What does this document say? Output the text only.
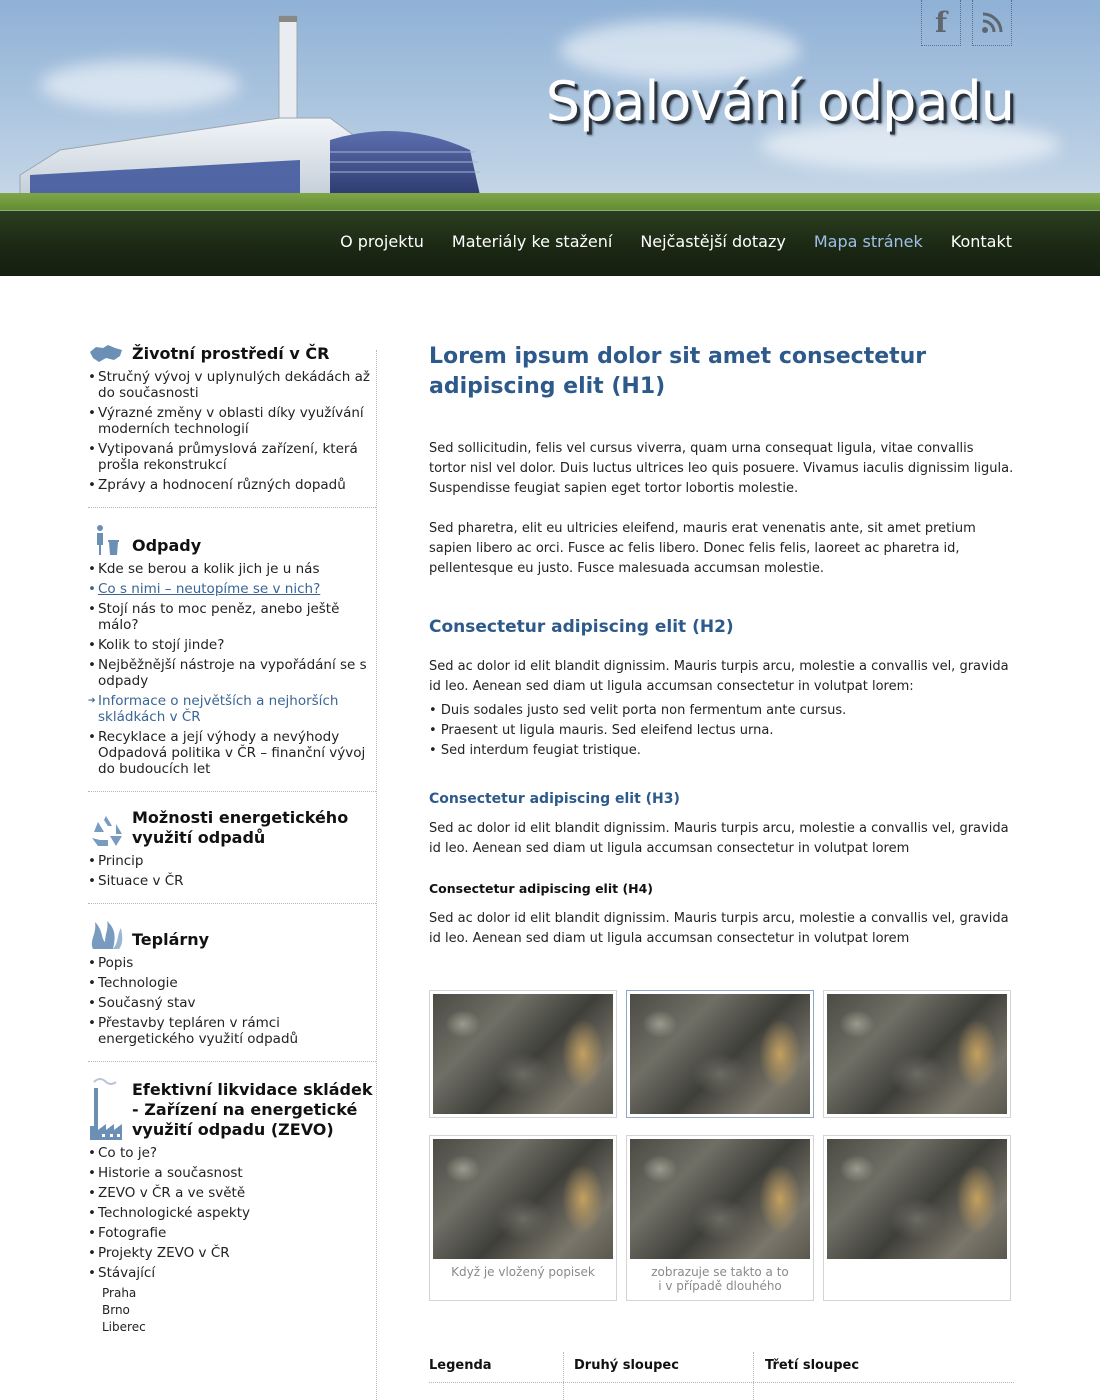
f
Spalování odpadu
O projektu Materiály ke stažení Nejčastější dotazy Mapa stránek Kontakt
Životní prostředí v ČR
• Stručný vývoj v uplynulých dekádách až do současnosti
• Výrazné změny v oblasti díky využívání moderních technologií
• Vytipovaná průmyslová zařízení, která prošla rekonstrukcí
• Zprávy a hodnocení různých dopadů
Odpady
• Kde se berou a kolik jich je u nás
• Co s nimi – neutopíme se v nich?
• Stojí nás to moc peněz, anebo ještě málo?
• Kolik to stojí jinde?
• Nejběžnější nástroje na vypořádání se s odpady
➔ Informace o největších a nejhorších skládkách v ČR
• Recyklace a její výhody a nevýhody Odpadová politika v ČR – finanční vývoj do budoucích let
Možnosti energetického využití odpadů
• Princip
• Situace v ČR
Teplárny
• Popis
• Technologie
• Současný stav
• Přestavby tepláren v rámci energetického využití odpadů
Efektivní likvidace skládek - Zařízení na energetické využití odpadu (ZEVO)
• Co to je?
• Historie a současnost
• ZEVO v ČR a ve světě
• Technologické aspekty
• Fotografie
• Projekty ZEVO v ČR
• Stávající
Praha
Brno
Liberec
Lorem ipsum dolor sit amet consectetur adipiscing elit (H1)

Sed sollicitudin, felis vel cursus viverra, quam urna consequat ligula, vitae convallis tortor nisl vel dolor. Duis luctus ultrices leo quis posuere. Vivamus iaculis dignissim ligula. Suspendisse feugiat sapien eget tortor lobortis molestie.

Sed pharetra, elit eu ultricies eleifend, mauris erat venenatis ante, sit amet pretium sapien libero ac orci. Fusce ac felis libero. Donec felis felis, laoreet ac pharetra id, pellentesque eu justo. Fusce malesuada accumsan molestie.

Consectetur adipiscing elit (H2)

Sed ac dolor id elit blandit dignissim. Mauris turpis arcu, molestie a convallis vel, gravida id leo. Aenean sed diam ut ligula accumsan consectetur in volutpat lorem:

• Duis sodales justo sed velit porta non fermentum ante cursus.
• Praesent ut ligula mauris. Sed eleifend lectus urna.
• Sed interdum feugiat tristique.
Consectetur adipiscing elit (H3)

Sed ac dolor id elit blandit dignissim. Mauris turpis arcu, molestie a convallis vel, gravida id leo. Aenean sed diam ut ligula accumsan consectetur in volutpat lorem

Consectetur adipiscing elit (H4)

Sed ac dolor id elit blandit dignissim. Mauris turpis arcu, molestie a convallis vel, gravida id leo. Aenean sed diam ut ligula accumsan consectetur in volutpat lorem

Když je vložený popisek	zobrazuje se takto a to i v případě dlouhého
Legenda	Druhý sloupec	Třetí sloupec
